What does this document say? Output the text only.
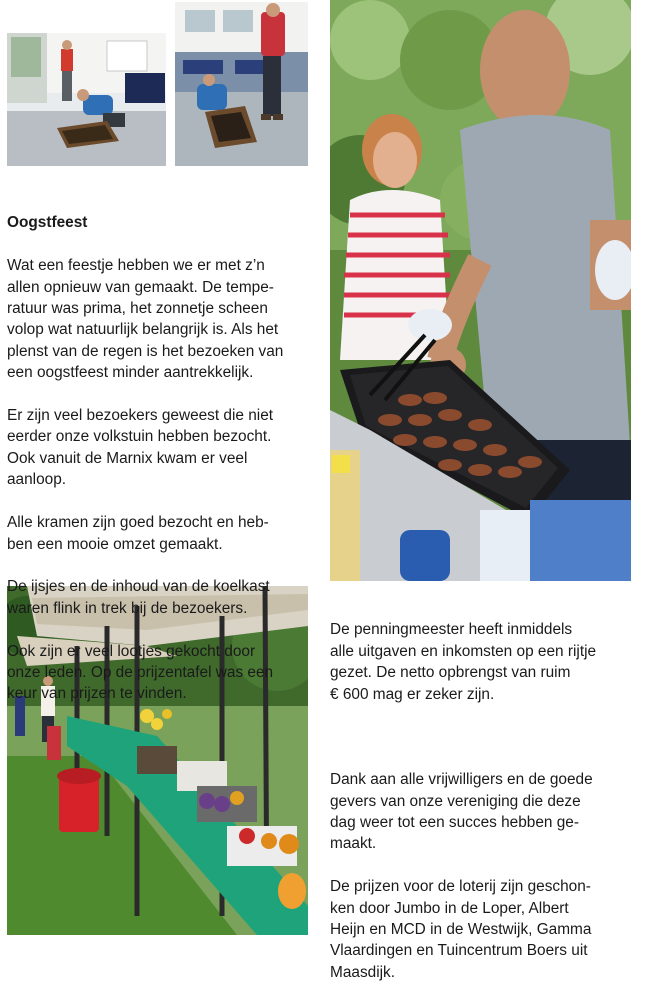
Oogstfeest

Wat een feestje hebben we er met z’n
allen opnieuw van gemaakt. De tempe-
ratuur was prima, het zonnetje scheen
volop wat natuurlijk belangrijk is. Als het
plenst van de regen is het bezoeken van
een oogstfeest minder aantrekkelijk.

Er zijn veel bezoekers geweest die niet
eerder onze volkstuin hebben bezocht.
Ook vanuit de Marnix kwam er veel
aanloop.

Alle kramen zijn goed bezocht en heb-
ben een mooie omzet gemaakt.

De ijsjes en de inhoud van de koelkast
waren flink in trek bij de bezoekers.

Ook zijn er veel lootjes gekocht door
onze leden. Op de prijzentafel was een
keur van prijzen te vinden.

De penningmeester heeft inmiddels
alle uitgaven en inkomsten op een rijtje
gezet. De netto opbrengst van ruim
€ 600 mag er zeker zijn.

Dank aan alle vrijwilligers en de goede
gevers van onze vereniging die deze
dag weer tot een succes hebben ge-
maakt.

De prijzen voor de loterij zijn geschon-
ken door Jumbo in de Loper, Albert
Heijn en MCD in de Westwijk, Gamma
Vlaardingen en Tuincentrum Boers uit
Maasdijk.
